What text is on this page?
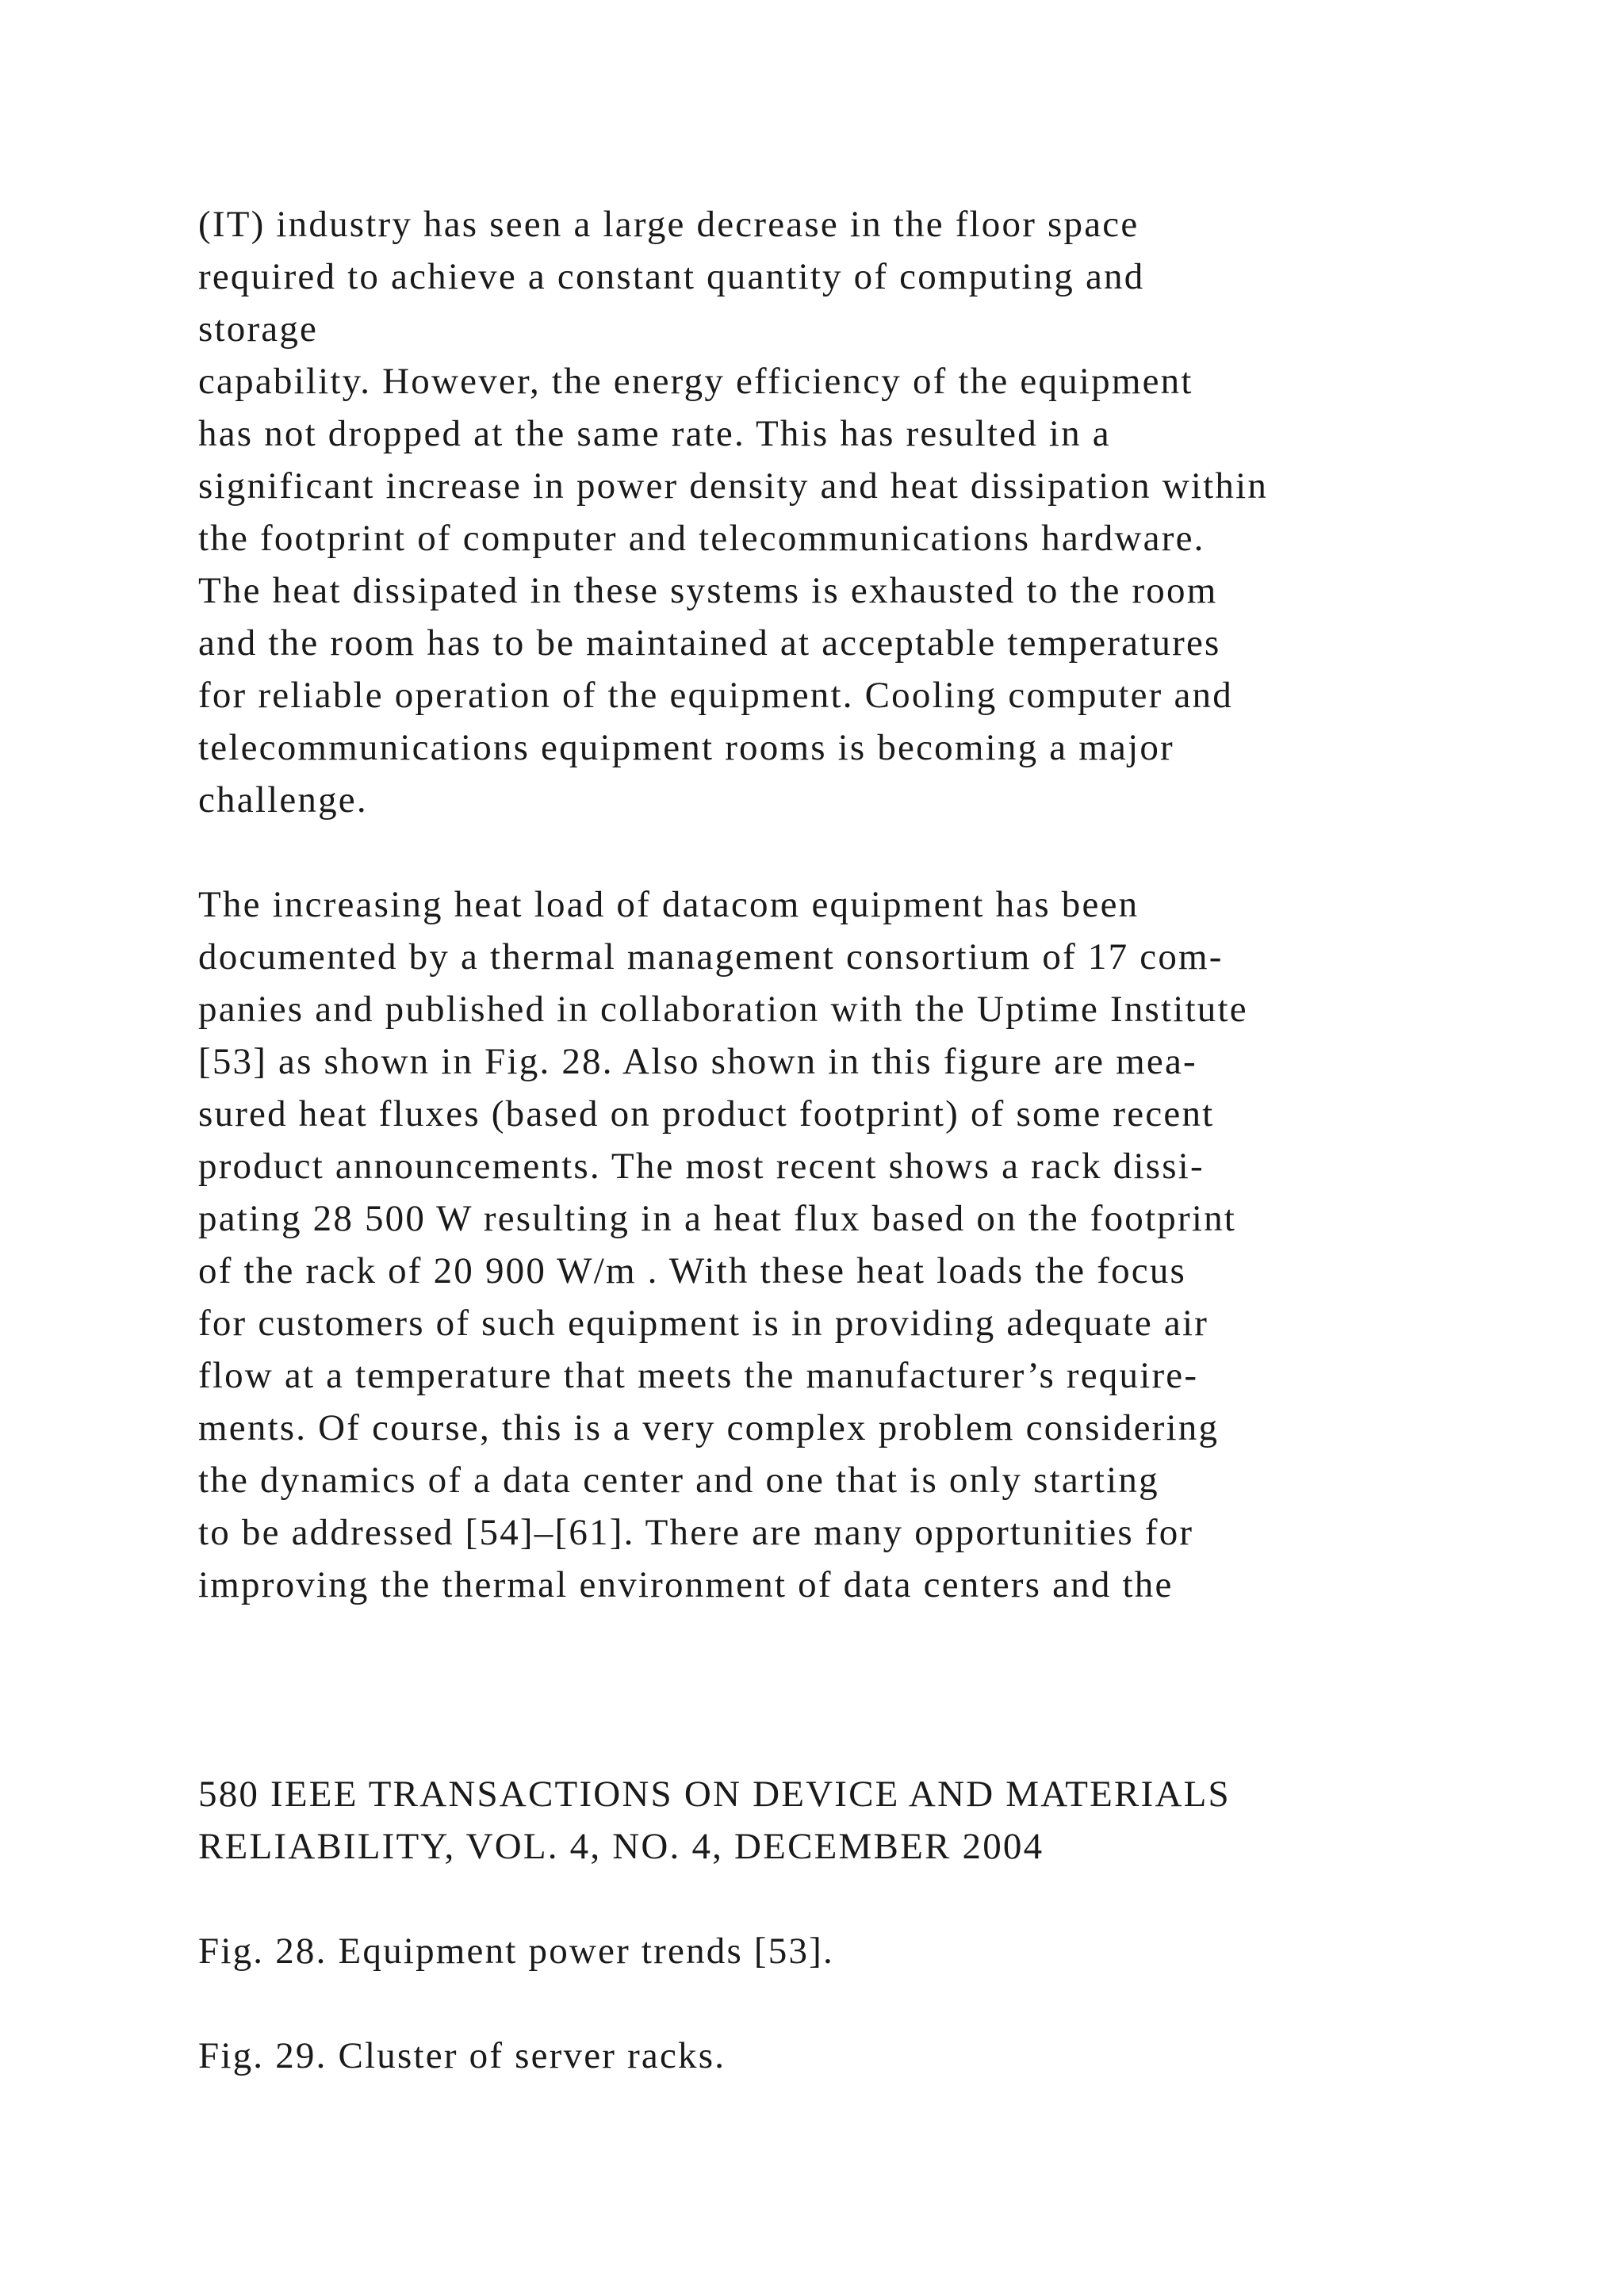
(IT) industry has seen a large decrease in the floor space
required to achieve a constant quantity of computing and
storage
capability. However, the energy efficiency of the equipment
has not dropped at the same rate. This has resulted in a
significant increase in power density and heat dissipation within
the footprint of computer and telecommunications hardware.
The heat dissipated in these systems is exhausted to the room
and the room has to be maintained at acceptable temperatures
for reliable operation of the equipment. Cooling computer and
telecommunications equipment rooms is becoming a major
challenge.
The increasing heat load of datacom equipment has been
documented by a thermal management consortium of 17 com-
panies and published in collaboration with the Uptime Institute
[53] as shown in Fig. 28. Also shown in this figure are mea-
sured heat fluxes (based on product footprint) of some recent
product announcements. The most recent shows a rack dissi-
pating 28 500 W resulting in a heat flux based on the footprint
of the rack of 20 900 W/m . With these heat loads the focus
for customers of such equipment is in providing adequate air
flow at a temperature that meets the manufacturer’s require-
ments. Of course, this is a very complex problem considering
the dynamics of a data center and one that is only starting
to be addressed [54]–[61]. There are many opportunities for
improving the thermal environment of data centers and the
580 IEEE TRANSACTIONS ON DEVICE AND MATERIALS
RELIABILITY, VOL. 4, NO. 4, DECEMBER 2004
Fig. 28. Equipment power trends [53].
Fig. 29. Cluster of server racks.
